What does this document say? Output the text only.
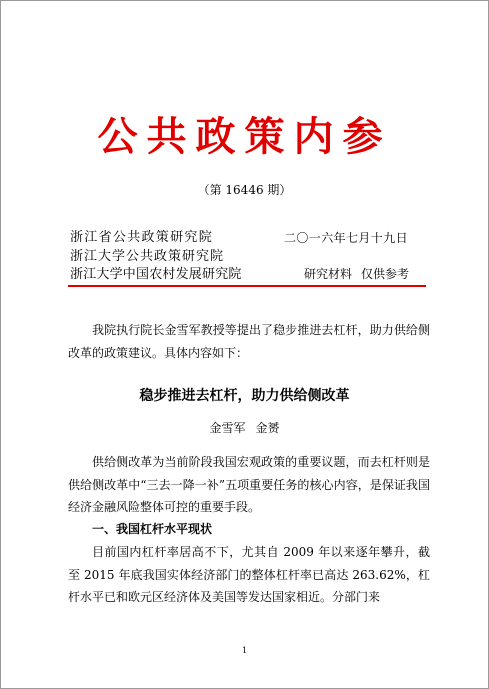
公共政策内参
（第 16446 期）
浙江省公共政策研究院
浙江大学公共政策研究院
浙江大学中国农村发展研究院
二〇一六年七月十九日
研究材料 仅供参考

我院执行院长金雪军教授等提出了稳步推进去杠杆，助力供给侧改革的政策建议。具体内容如下：

稳步推进去杠杆，助力供给侧改革
金雪军 金赟

供给侧改革为当前阶段我国宏观政策的重要议题，而去杠杆则是供给侧改革中“三去一降一补”五项重要任务的核心内容，是保证我国经济金融风险整体可控的重要手段。

一、我国杠杆水平现状

目前国内杠杆率居高不下，尤其自 2009 年以来逐年攀升，截至 2015 年底我国实体经济部门的整体杠杆率已高达 263.62%，杠杆水平已和欧元区经济体及美国等发达国家相近。分部门来

1
